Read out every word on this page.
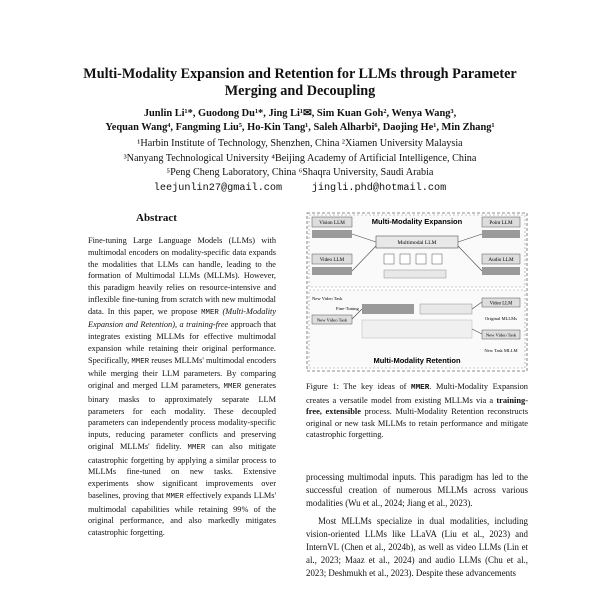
Multi-Modality Expansion and Retention for LLMs through Parameter
Merging and Decoupling
Junlin Li¹*, Guodong Du¹*, Jing Li¹✉, Sim Kuan Goh², Wenya Wang³,
Yequan Wang⁴, Fangming Liu⁵, Ho-Kin Tang¹, Saleh Alharbi⁶, Daojing He¹, Min Zhang¹
¹Harbin Institute of Technology, Shenzhen, China ²Xiamen University Malaysia
³Nanyang Technological University ⁴Beijing Academy of Artificial Intelligence, China
⁵Peng Cheng Laboratory, China ⁶Shaqra University, Saudi Arabia
leejunlin27@gmail.com	jingli.phd@hotmail.com
Abstract

Fine-tuning Large Language Models (LLMs) with multimodal encoders on modality-specific data expands the modalities that LLMs can handle, leading to the formation of Multimodal LLMs (MLLMs). However, this paradigm heavily relies on resource-intensive and inflexible fine-tuning from scratch with new multimodal data. In this paper, we propose MMER (Multi-Modality Expansion and Retention), a training-free approach that integrates existing MLLMs for effective multimodal expansion while retaining their original performance. Specifically, MMER reuses MLLMs' multimodal encoders while merging their LLM parameters. By comparing original and merged LLM parameters, MMER generates binary masks to approximately separate LLM parameters for each modality. These decoupled parameters can independently process modality-specific inputs, reducing parameter conflicts and preserving original MLLMs' fidelity. MMER can also mitigate catastrophic forgetting by applying a similar process to MLLMs fine-tuned on new tasks. Extensive experiments show significant improvements over baselines, proving that MMER effectively expands LLMs' multimodal capabilities while retaining 99% of the original performance, and also markedly mitigates catastrophic forgetting.

Multi-Modality Expansion
Multi-Modality Retention
Vision LLM	Point LLM
Video LLM	Audio LLM
Multimodal LLM
New Video Task
Fine-Tuning
New Video Task
Video LLM
Original MLLMs
New Video Task
New Task MLLM
Figure 1: The key ideas of MMER. Multi-Modality Expansion creates a versatile model from existing MLLMs via a training-free, extensible process. Multi-Modality Retention reconstructs original or new task MLLMs to retain performance and mitigate catastrophic forgetting.

processing multimodal inputs. This paradigm has led to the successful creation of numerous MLLMs across various modalities (Wu et al., 2024; Jiang et al., 2023).

Most MLLMs specialize in dual modalities, including vision-oriented LLMs like LLaVA (Liu et al., 2023) and InternVL (Chen et al., 2024b), as well as video LLMs (Lin et al., 2023; Maaz et al., 2024) and audio LLMs (Chu et al., 2023; Deshmukh et al., 2023). Despite these advancements
